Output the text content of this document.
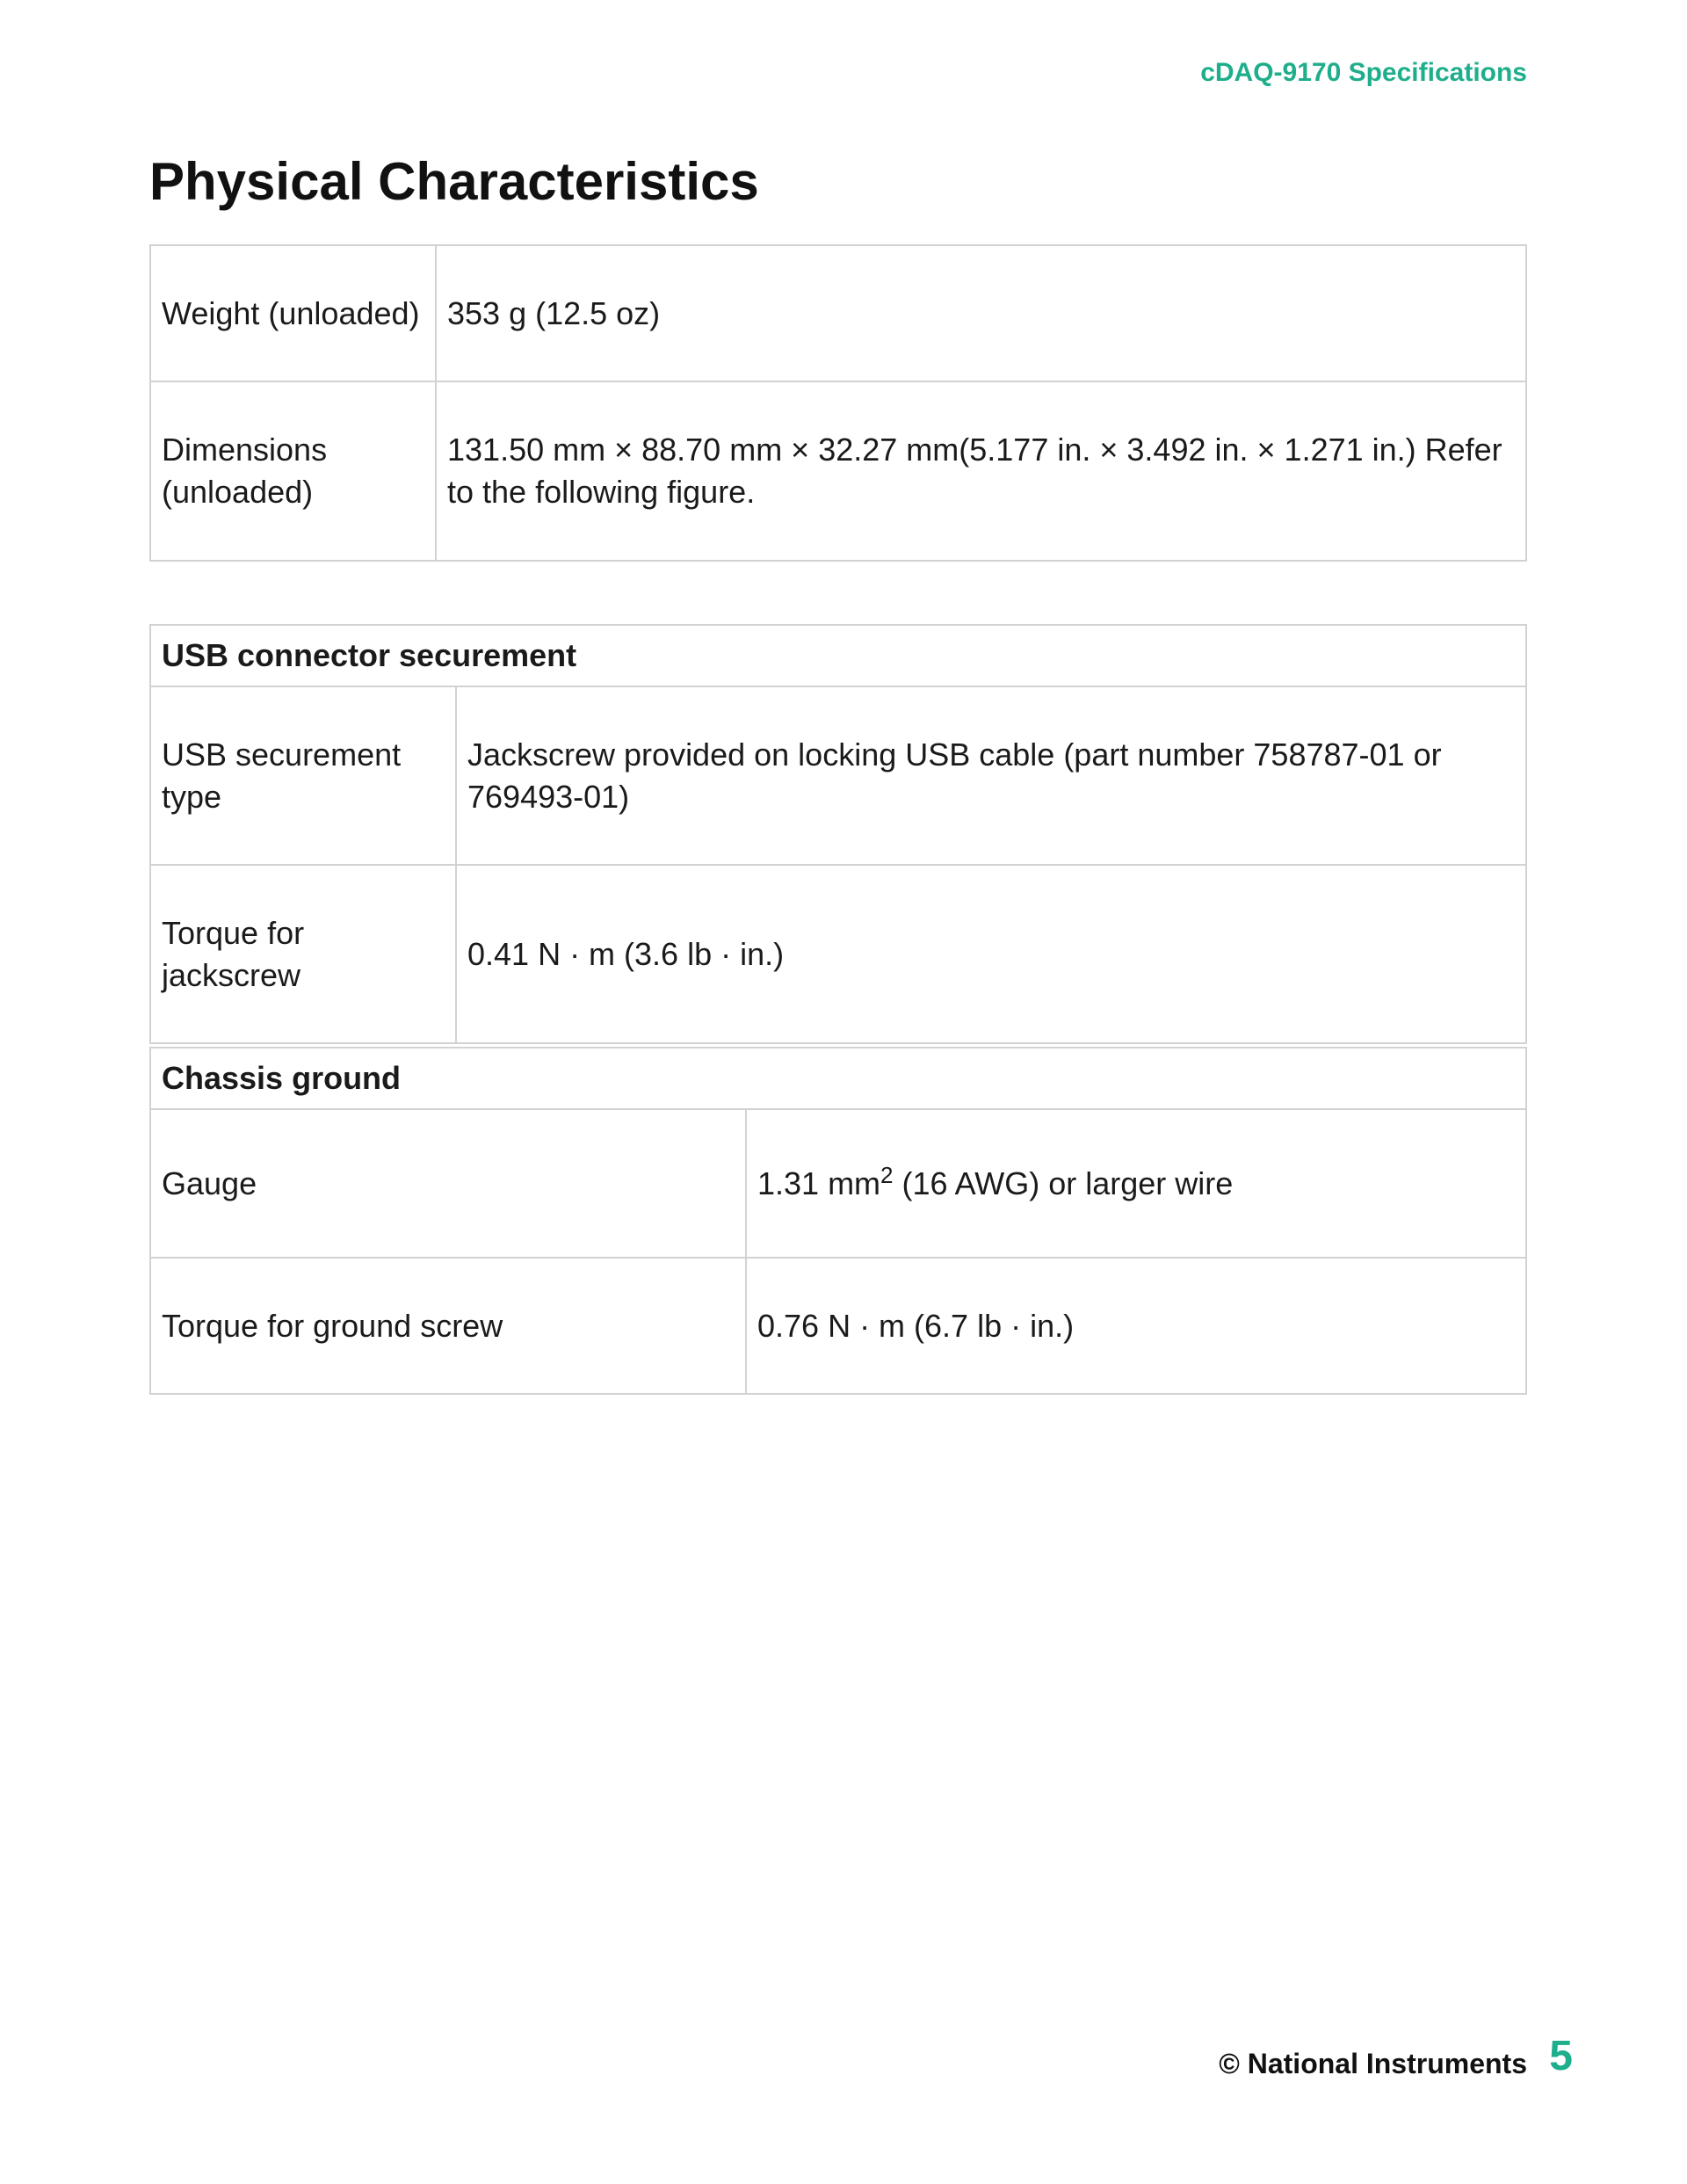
cDAQ-9170 Specifications
Physical Characteristics
Weight (unloaded)	353 g (12.5 oz)
Dimensions (unloaded)	131.50 mm × 88.70 mm × 32.27 mm(5.177 in. × 3.492 in. × 1.271 in.) Refer to the following figure.
USB connector securement	
USB securement type	Jackscrew provided on locking USB cable (part number 758787-01 or 769493-01)
Torque for jackscrew	0.41 N · m (3.6 lb · in.)
Chassis ground	
Gauge	1.31 $mm^2$ (16 AWG) or larger wire
Torque for ground screw	0.76 N · m (6.7 lb · in.)
© National Instruments 5
